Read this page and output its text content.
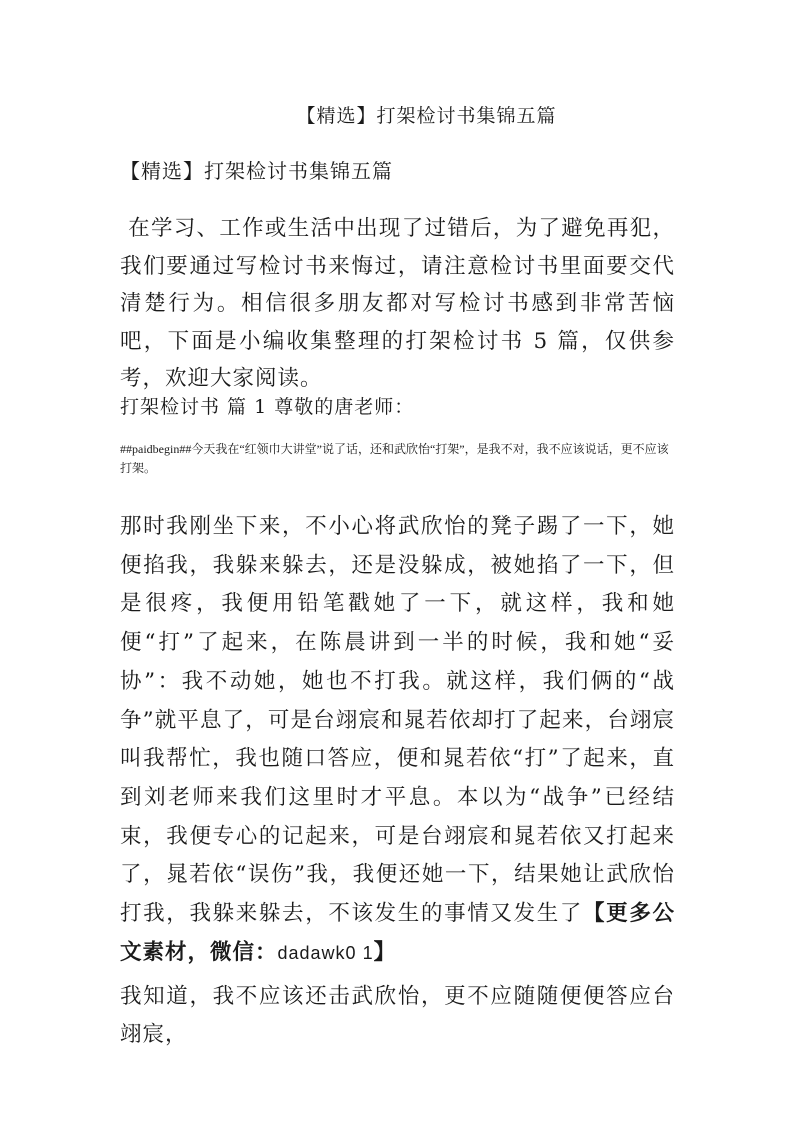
【精选】打架检讨书集锦五篇
【精选】打架检讨书集锦五篇
在学习、工作或生活中出现了过错后，为了避免再犯，我们要通过写检讨书来悔过，请注意检讨书里面要交代清楚行为。相信很多朋友都对写检讨书感到非常苦恼吧，下面是小编收集整理的打架检讨书 5 篇，仅供参考，欢迎大家阅读。
打架检讨书 篇 1 尊敬的唐老师：
##paidbegin##今天我在“红领巾大讲堂”说了话，还和武欣怡“打架”，是我不对，我不应该说话，更不应该打架。
那时我刚坐下来，不小心将武欣怡的凳子踢了一下，她便掐我，我躲来躲去，还是没躲成，被她掐了一下，但是很疼，我便用铅笔戳她了一下，就这样，我和她便“打”了起来，在陈晨讲到一半的时候，我和她“妥协”：我不动她，她也不打我。就这样，我们俩的“战争”就平息了，可是台翊宸和晁若依却打了起来，台翊宸叫我帮忙，我也随口答应，便和晁若依“打”了起来，直到刘老师来我们这里时才平息。本以为“战争”已经结束，我便专心的记起来，可是台翊宸和晁若依又打起来了，晁若依“误伤”我，我便还她一下，结果她让武欣怡打我，我躲来躲去，不该发生的事情又发生了【更多公文素材，微信：dadawk0 1】
我知道，我不应该还击武欣怡，更不应随随便便答应台翊宸，
